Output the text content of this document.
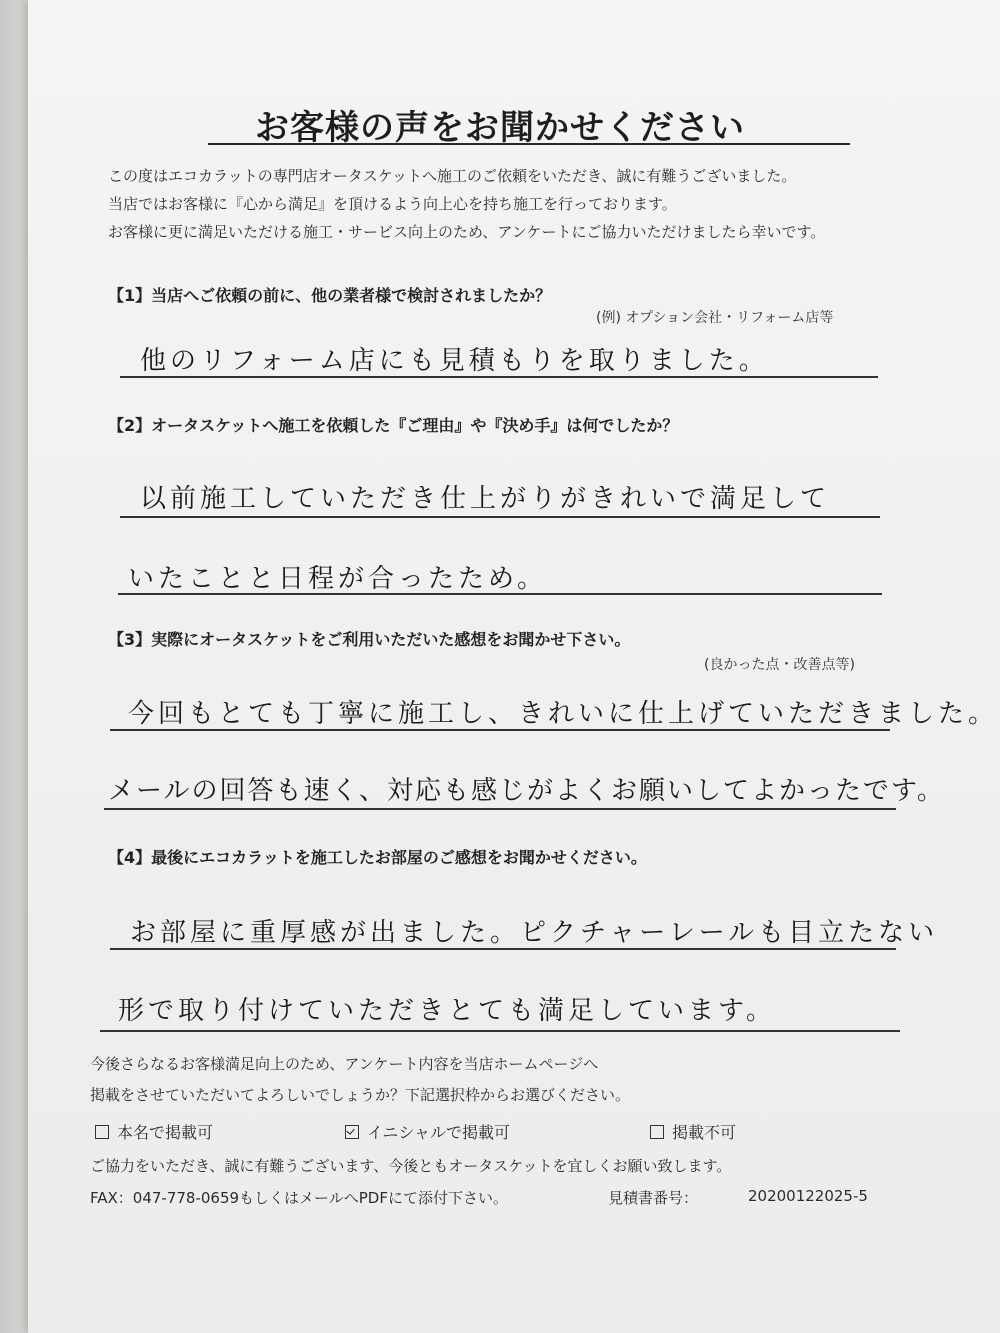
お客様の声をお聞かせください
この度はエコカラットの専門店オータスケットへ施工のご依頼をいただき、誠に有難うございました。
当店ではお客様に『心から満足』を頂けるよう向上心を持ち施工を行っております。
お客様に更に満足いただける施工・サービス向上のため、アンケートにご協力いただけましたら幸いです。
【1】当店へご依頼の前に、他の業者様で検討されましたか？
(例) オプション会社・リフォーム店等
他のリフォーム店にも見積もりを取りました。
【2】オータスケットへ施工を依頼した『ご理由』や『決め手』は何でしたか？
以前施工していただき仕上がりがきれいで満足して
いたことと日程が合ったため。
【3】実際にオータスケットをご利用いただいた感想をお聞かせ下さい。
(良かった点・改善点等)
今回もとても丁寧に施工し、きれいに仕上げていただきました。
メールの回答も速く、対応も感じがよくお願いしてよかったです。
【4】最後にエコカラットを施工したお部屋のご感想をお聞かせください。
お部屋に重厚感が出ました。ピクチャーレールも目立たない
形で取り付けていただきとても満足しています。
今後さらなるお客様満足向上のため、アンケート内容を当店ホームページへ
掲載をさせていただいてよろしいでしょうか？下記選択枠からお選びください。
本名で掲載可	イニシャルで掲載可	掲載不可
ご協力をいただき、誠に有難うございます、今後ともオータスケットを宜しくお願い致します。
FAX：047-778-0659もしくはメールへPDFにて添付下さい。	見積書番号：	20200122025-5
